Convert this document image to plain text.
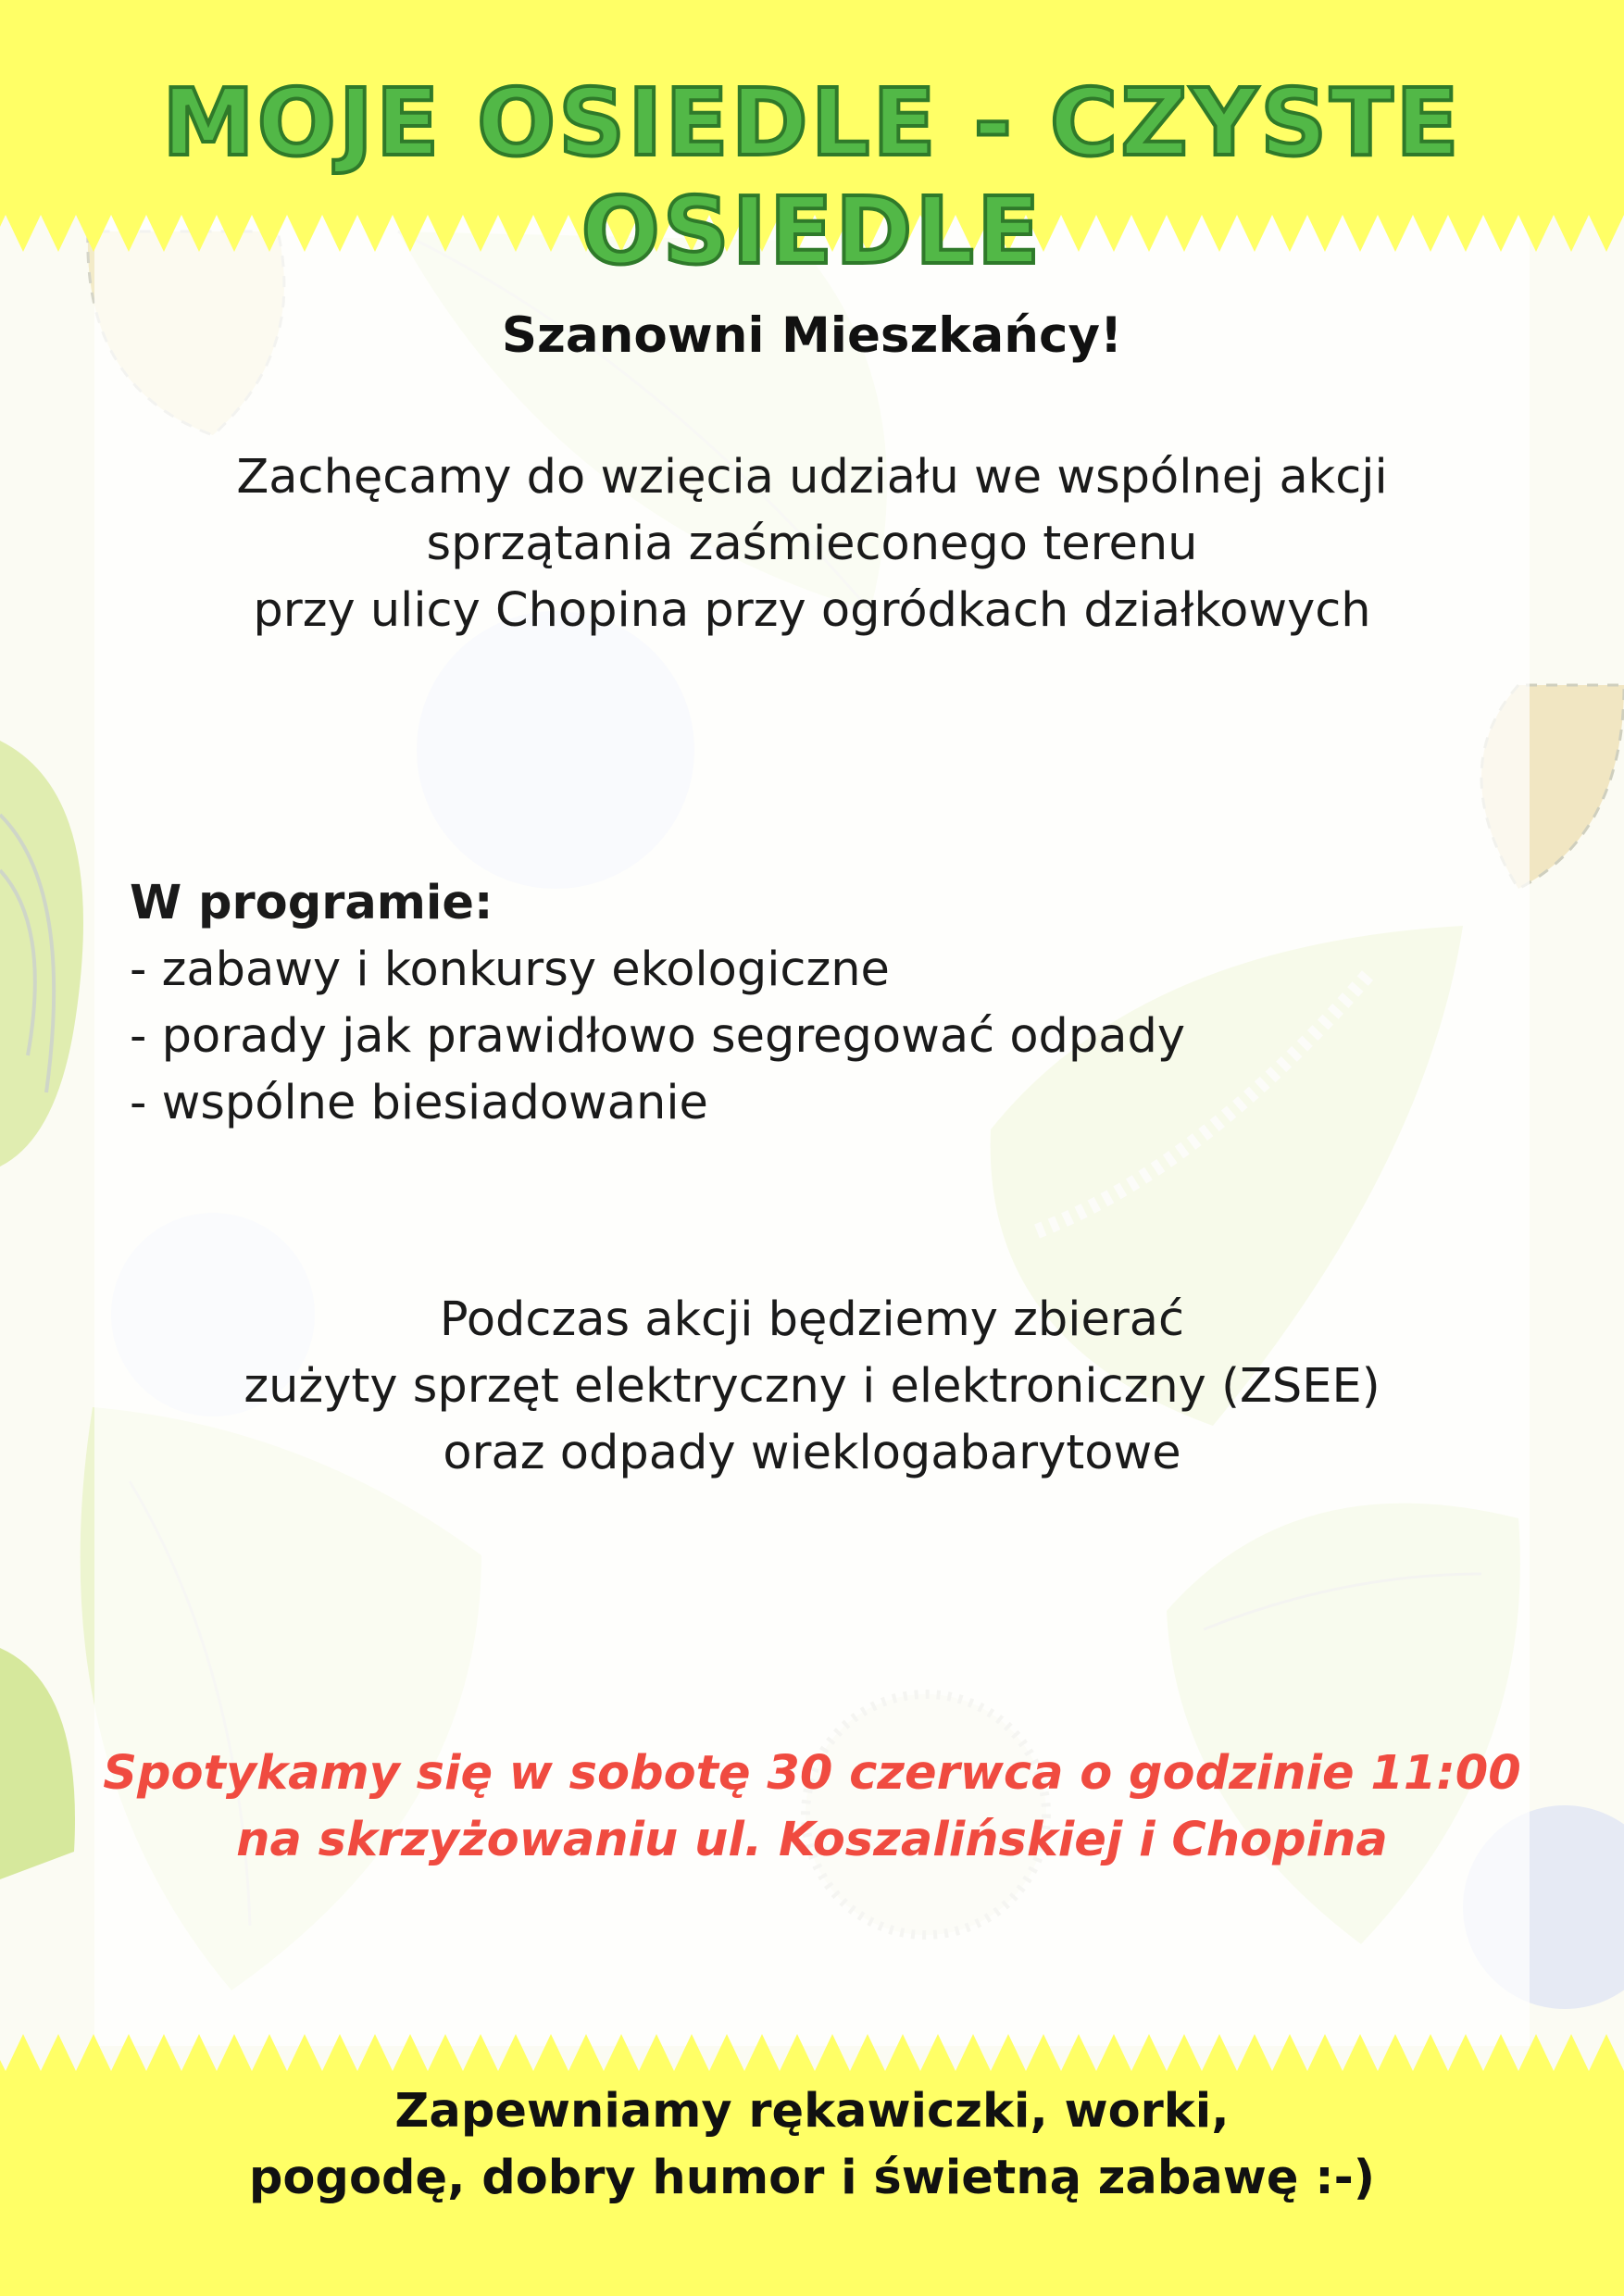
MOJE OSIEDLE - CZYSTE OSIEDLE
Szanowni Mieszkańcy!
Zachęcamy do wzięcia udziału we wspólnej akcji
sprzątania zaśmieconego terenu
przy ulicy Chopina przy ogródkach działkowych
W programie:
- zabawy i konkursy ekologiczne
- porady jak prawidłowo segregować odpady
- wspólne biesiadowanie
Podczas akcji będziemy zbierać
zużyty sprzęt elektryczny i elektroniczny (ZSEE)
oraz odpady wieklogabarytowe
Spotykamy się w sobotę 30 czerwca o godzinie 11:00
na skrzyżowaniu ul. Koszalińskiej i Chopina
Zapewniamy rękawiczki, worki,
pogodę, dobry humor i świetną zabawę :-)
